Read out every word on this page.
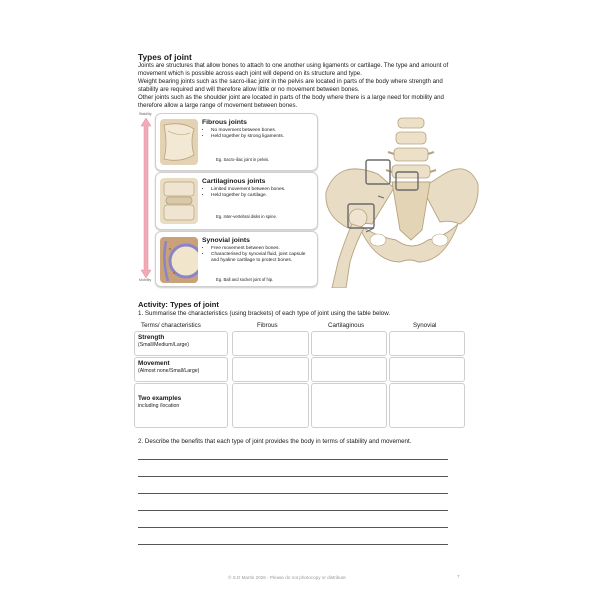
Types of joint

Joints are structures that allow bones to attach to one another using ligaments or cartilage. The type and amount of movement which is possible across each joint will depend on its structure and type.

Weight bearing joints such as the sacro-iliac joint in the pelvis are located in parts of the body where strength and stability are required and will therefore allow little or no movement between bones.

Other joints such as the shoulder joint are located in parts of the body where there is a large need for mobility and therefore allow a large range of movement between bones.

Stability
Mobility
Fibrous joints
• No movement between bones.
• Held together by strong ligaments.
Eg. Sacro-iliac joint in pelvis.
Cartilaginous joints
• Limited movement between bones.
• Held together by cartilage.
Eg. Inter-vertebral disks in spine.
Synovial joints
• Free movement between bones.
• Characterised by synovial fluid, joint capsule and hyaline cartilage to protect bones.
Eg. Ball and socket joint of hip.
Activity: Types of joint
1. Summarise the characteristics (using brackets) of each type of joint using the table below.
Terms/ characteristics	Fibrous	Cartilaginous	Synovial
Strength
(Small/Medium/Large)
Movement
(Almost none/Small/Large)
Two examples
including /location
2. Describe the benefits that each type of joint provides the body in terms of stability and movement.
© S.D Martin 2026 - Please do not photocopy or distribute	7
